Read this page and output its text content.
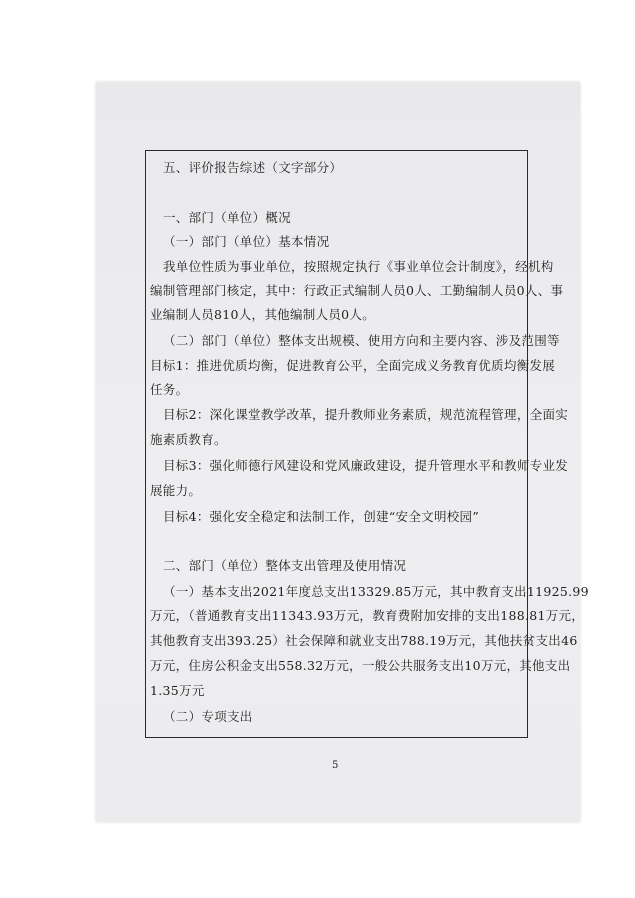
五、评价报告综述（文字部分）
一、部门（单位）概况
（一）部门（单位）基本情况
我单位性质为事业单位，按照规定执行《事业单位会计制度》，经机构
编制管理部门核定，其中：行政正式编制人员0人、工勤编制人员0人、事
业编制人员810人，其他编制人员0人。
（二）部门（单位）整体支出规模、使用方向和主要内容、涉及范围等
目标1：推进优质均衡，促进教育公平，全面完成义务教育优质均衡发展
任务。
目标2：深化课堂教学改革，提升教师业务素质，规范流程管理，全面实
施素质教育。
目标3：强化师德行风建设和党风廉政建设，提升管理水平和教师专业发
展能力。
目标4：强化安全稳定和法制工作，创建“安全文明校园”
二、部门（单位）整体支出管理及使用情况
（一）基本支出2021年度总支出13329.85万元，其中教育支出11925.99
万元，（普通教育支出11343.93万元，教育费附加安排的支出188.81万元，
其他教育支出393.25）社会保障和就业支出788.19万元，其他扶贫支出46
万元，住房公积金支出558.32万元，一般公共服务支出10万元，其他支出
1.35万元
（二）专项支出
5
